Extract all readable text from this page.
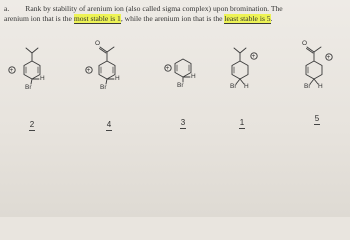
a. Rank by stability of arenium ion (also called sigma complex) upon bromination. The
arenium ion that is the most stable is 1, while the arenium ion that is the least stable is 5.
O	O
+	+	+
+	+
H	H	H
H	H
Br	Br	Br	Br	Br
2	4	3	1	5
